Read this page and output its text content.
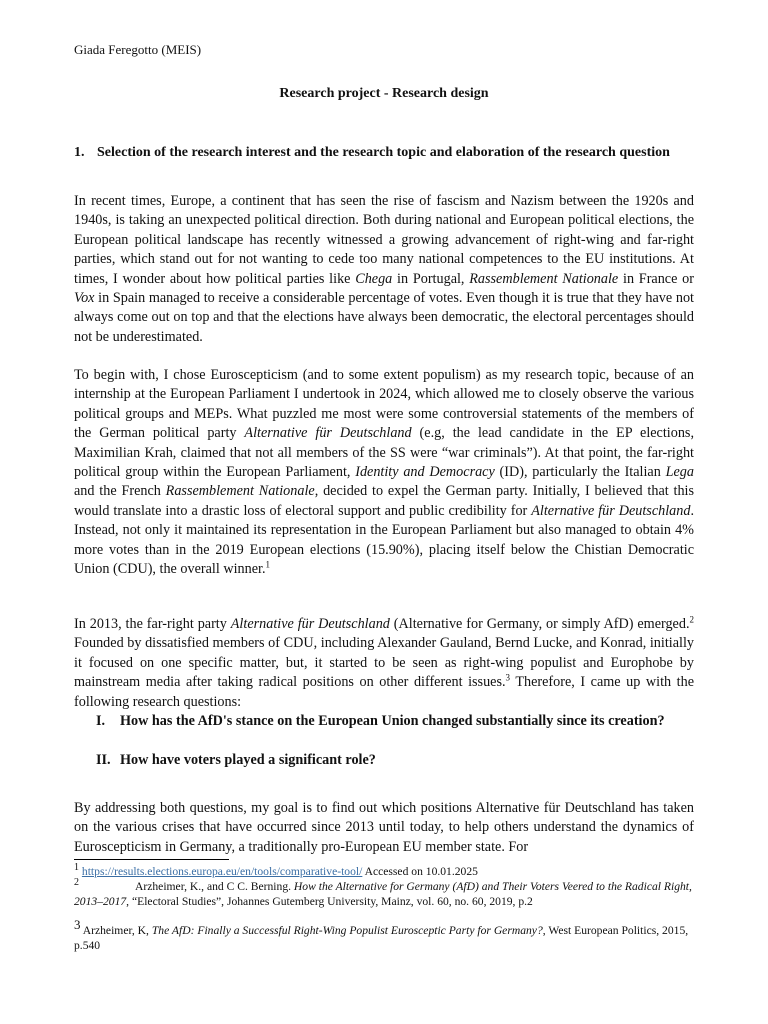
Giada Feregotto (MEIS)
Research project - Research design
1. Selection of the research interest and the research topic and elaboration of the research question

In recent times, Europe, a continent that has seen the rise of fascism and Nazism between the 1920s and 1940s, is taking an unexpected political direction. Both during national and European political elections, the European political landscape has recently witnessed a growing advancement of right-wing and far-right parties, which stand out for not wanting to cede too many national competences to the EU institutions. At times, I wonder about how political parties like Chega in Portugal, Rassemblement Nationale in France or Vox in Spain managed to receive a considerable percentage of votes. Even though it is true that they have not always come out on top and that the elections have always been democratic, the electoral percentages should not be underestimated.

To begin with, I chose Euroscepticism (and to some extent populism) as my research topic, because of an internship at the European Parliament I undertook in 2024, which allowed me to closely observe the various political groups and MEPs. What puzzled me most were some controversial statements of the members of the German political party Alternative für Deutschland (e.g, the lead candidate in the EP elections, Maximilian Krah, claimed that not all members of the SS were “war criminals”). At that point, the far-right political group within the European Parliament, Identity and Democracy (ID), particularly the Italian Lega and the French Rassemblement Nationale, decided to expel the German party. Initially, I believed that this would translate into a drastic loss of electoral support and public credibility for Alternative für Deutschland. Instead, not only it maintained its representation in the European Parliament but also managed to obtain 4% more votes than in the 2019 European elections (15.90%), placing itself below the Chistian Democratic Union (CDU), the overall winner.$^1$

In 2013, the far-right party Alternative für Deutschland (Alternative for Germany, or simply AfD) emerged.$^2$ Founded by dissatisfied members of CDU, including Alexander Gauland, Bernd Lucke, and Konrad, initially it focused on one specific matter, but, it started to be seen as right-wing populist and Europhobe by mainstream media after taking radical positions on other different issues.$^3$ Therefore, I came up with the following research questions:

I.	How has the AfD's stance on the European Union changed substantially since its creation?
II. How have voters played a significant role?

By addressing both questions, my goal is to find out which positions Alternative für Deutschland has taken on the various crises that have occurred since 2013 until today, to help others understand the dynamics of Euroscepticism in Germany, a traditionally pro-European EU member state. For

1 https://results.elections.europa.eu/en/tools/comparative-tool/ Accessed on 10.01.2025
2	Arzheimer, K., and C C. Berning. How the Alternative for Germany (AfD) and Their Voters Veered to the Radical Right, 2013–2017, “Electoral Studies”, Johannes Gutemberg University, Mainz, vol. 60, no. 60, 2019, p.2
3 Arzheimer, K, The AfD: Finally a Successful Right-Wing Populist Eurosceptic Party for Germany?, West European Politics, 2015, p.540
